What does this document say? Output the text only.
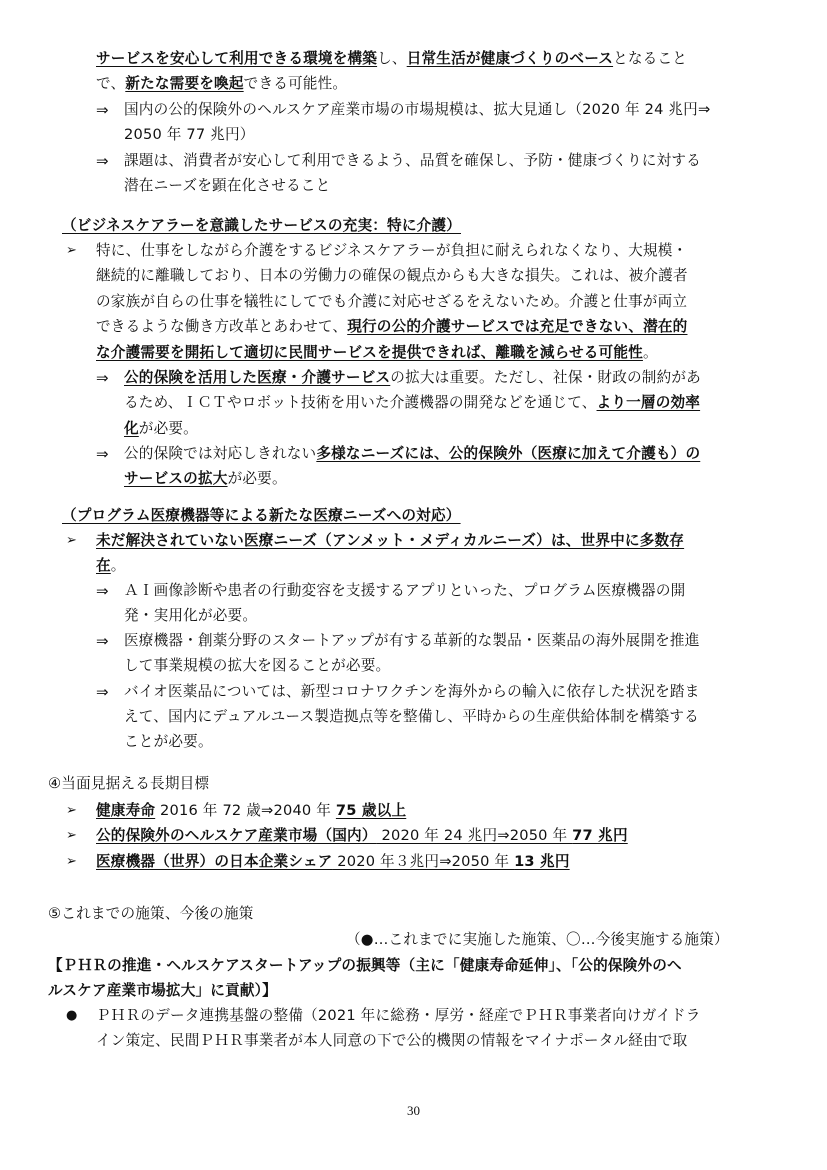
サービスを安心して利用できる環境を構築し、日常生活が健康づくりのベースとなること
で、新たな需要を喚起できる可能性。
⇒ 国内の公的保険外のヘルスケア産業市場の市場規模は、拡大見通し（2020 年 24 兆円⇒
2050 年 77 兆円）
⇒ 課題は、消費者が安心して利用できるよう、品質を確保し、予防・健康づくりに対する
潜在ニーズを顕在化させること
（ビジネスケアラーを意識したサービスの充実：特に介護）
➢ 特に、仕事をしながら介護をするビジネスケアラーが負担に耐えられなくなり、大規模・
継続的に離職しており、日本の労働力の確保の観点からも大きな損失。これは、被介護者
の家族が自らの仕事を犠牲にしてでも介護に対応せざるをえないため。介護と仕事が両立
できるような働き方改革とあわせて、現行の公的介護サービスでは充足できない、潜在的
な介護需要を開拓して適切に民間サービスを提供できれば、離職を減らせる可能性。
⇒ 公的保険を活用した医療・介護サービスの拡大は重要。ただし、社保・財政の制約があ
るため、ＩＣＴやロボット技術を用いた介護機器の開発などを通じて、より一層の効率
化が必要。
⇒ 公的保険では対応しきれない多様なニーズには、公的保険外（医療に加えて介護も）の
サービスの拡大が必要。
（プログラム医療機器等による新たな医療ニーズへの対応）
➢ 未だ解決されていない医療ニーズ（アンメット・メディカルニーズ）は、世界中に多数存
在。
⇒ ＡＩ画像診断や患者の行動変容を支援するアプリといった、プログラム医療機器の開
発・実用化が必要。
⇒ 医療機器・創薬分野のスタートアップが有する革新的な製品・医薬品の海外展開を推進
して事業規模の拡大を図ることが必要。
⇒ バイオ医薬品については、新型コロナワクチンを海外からの輸入に依存した状況を踏ま
えて、国内にデュアルユース製造拠点等を整備し、平時からの生産供給体制を構築する
ことが必要。
④当面見据える長期目標
➢ 健康寿命 2016 年 72 歳⇒2040 年 75 歳以上
➢ 公的保険外のヘルスケア産業市場（国内） 2020 年 24 兆円⇒2050 年 77 兆円
➢ 医療機器（世界）の日本企業シェア 2020 年３兆円⇒2050 年 13 兆円
⑤これまでの施策、今後の施策
（●…これまでに実施した施策、〇…今後実施する施策）
【ＰＨＲの推進・ヘルスケアスタートアップの振興等（主に「健康寿命延伸」、「公的保険外のヘ
ルスケア産業市場拡大」に貢献）】
● ＰＨＲのデータ連携基盤の整備（2021 年に総務・厚労・経産でＰＨＲ事業者向けガイドラ
イン策定、民間ＰＨＲ事業者が本人同意の下で公的機関の情報をマイナポータル経由で取
30
